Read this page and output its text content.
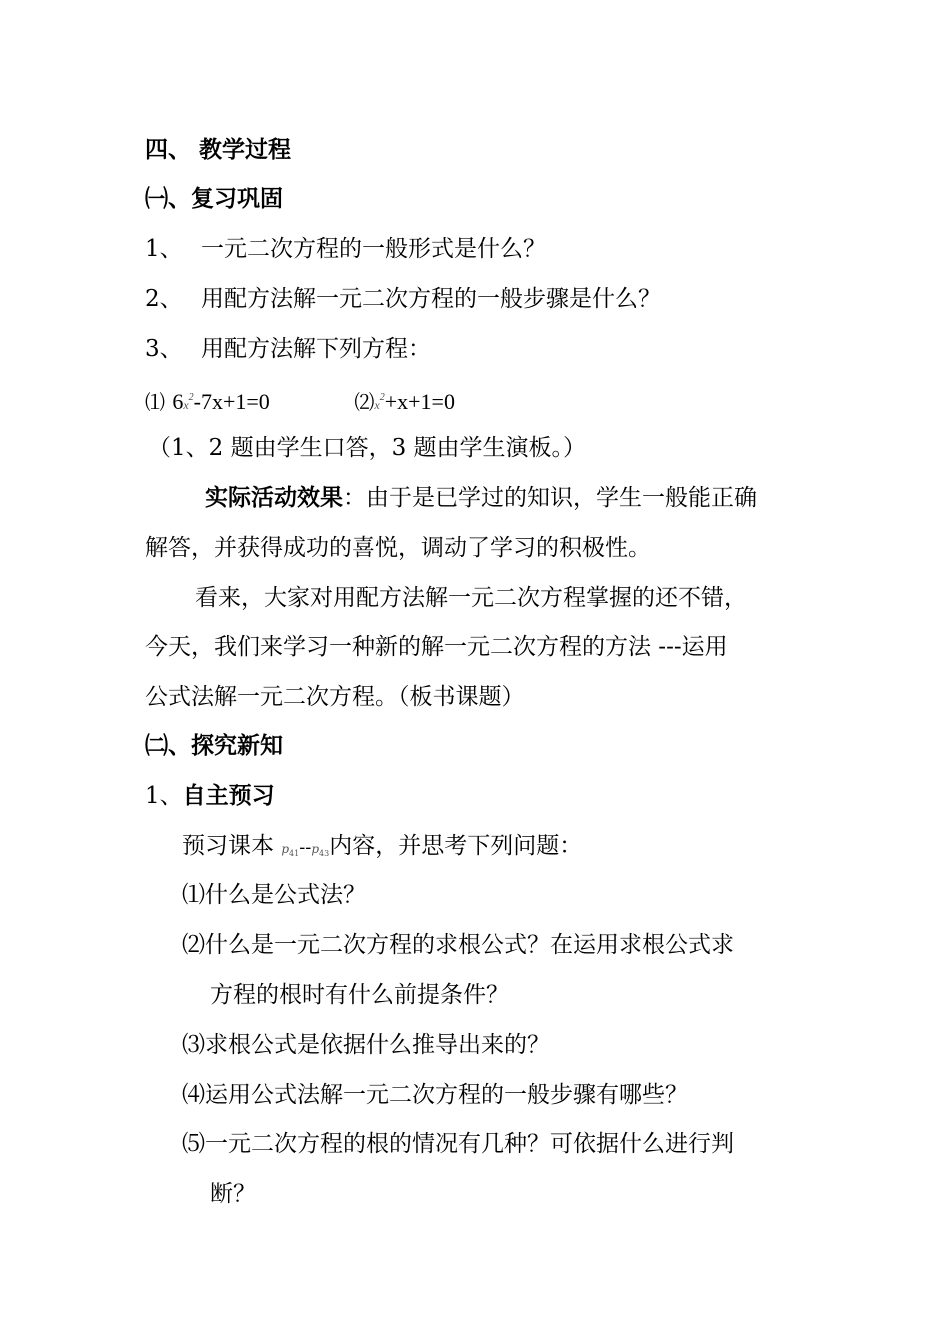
四、 教学过程
㈠、复习巩固
1、 一元二次方程的一般形式是什么？
2、 用配方法解一元二次方程的一般步骤是什么？
3、 用配方法解下列方程：
⑴ $6x^2-7x+1=0$	$⑵x^2+x+1=0$
（1、2 题由学生口答，3 题由学生演板。）
实际活动效果：由于是已学过的知识，学生一般能正确
解答，并获得成功的喜悦，调动了学习的积极性。
看来，大家对用配方法解一元二次方程掌握的还不错，
今天，我们来学习一种新的解一元二次方程的方法 ---运用
公式法解一元二次方程。（板书课题）
㈡、探究新知
1、自主预习
预习课本 $p_{41}--p_{43}$内容，并思考下列问题：
⑴什么是公式法？
⑵什么是一元二次方程的求根公式？在运用求根公式求
方程的根时有什么前提条件？
⑶求根公式是依据什么推导出来的？
⑷运用公式法解一元二次方程的一般步骤有哪些？
⑸一元二次方程的根的情况有几种？可依据什么进行判
断？
